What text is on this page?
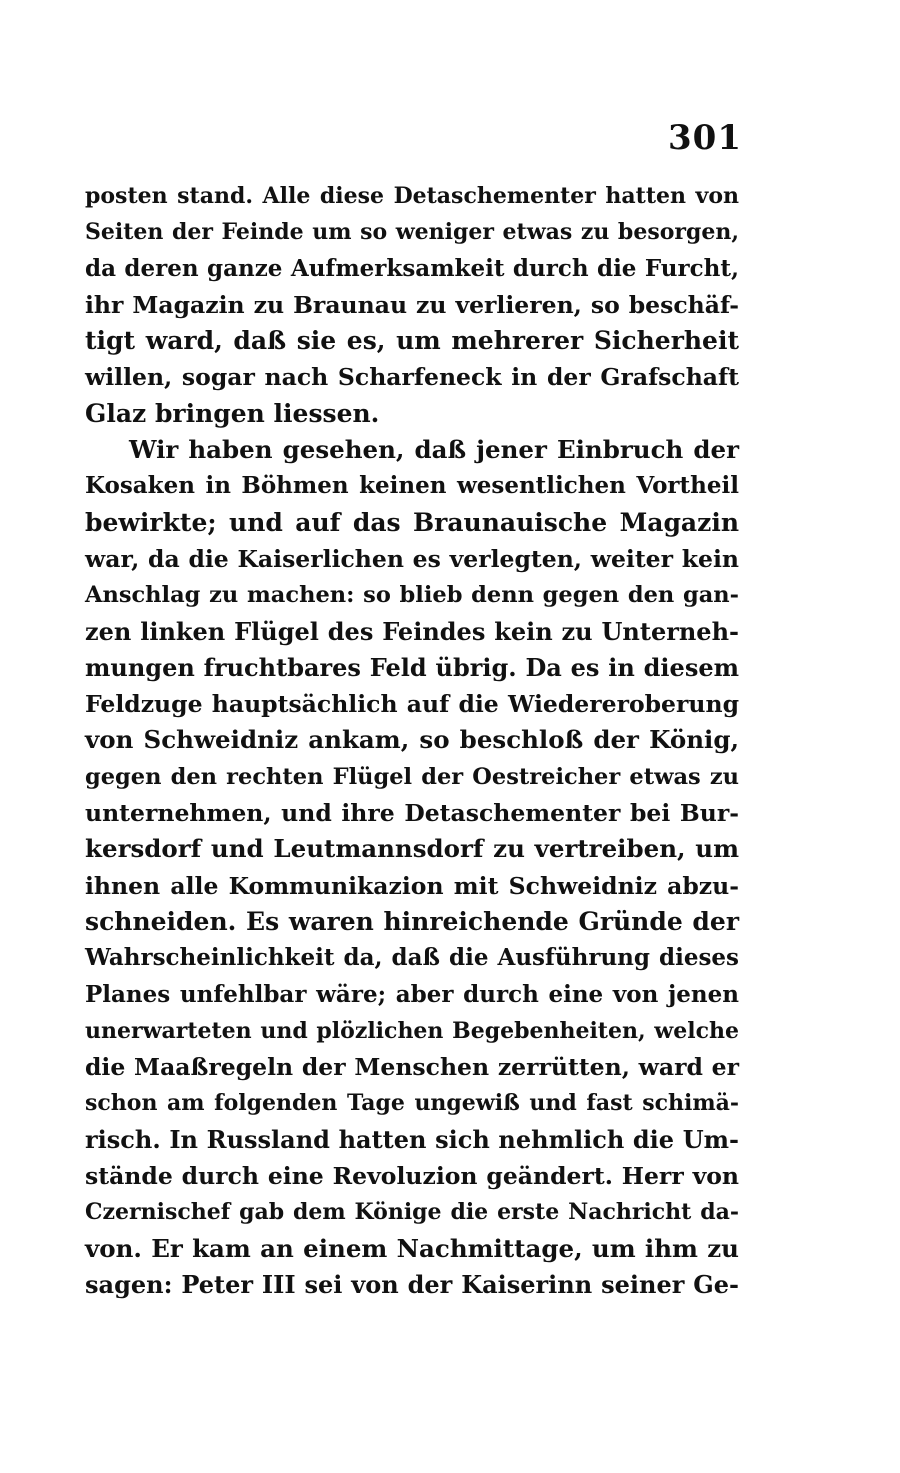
301
posten stand. Alle diese Detaschementer hatten von
Seiten der Feinde um so weniger etwas zu besorgen,
da deren ganze Aufmerksamkeit durch die Furcht,
ihr Magazin zu Braunau zu verlieren, so beschäf-
tigt ward, daß sie es, um mehrerer Sicherheit
willen, sogar nach Scharfeneck in der Grafschaft
Glaz bringen liessen.
Wir haben gesehen, daß jener Einbruch der
Kosaken in Böhmen keinen wesentlichen Vortheil
bewirkte; und auf das Braunauische Magazin
war, da die Kaiserlichen es verlegten, weiter kein
Anschlag zu machen: so blieb denn gegen den gan-
zen linken Flügel des Feindes kein zu Unterneh-
mungen fruchtbares Feld übrig. Da es in diesem
Feldzuge hauptsächlich auf die Wiedereroberung
von Schweidniz ankam, so beschloß der König,
gegen den rechten Flügel der Oestreicher etwas zu
unternehmen, und ihre Detaschementer bei Bur-
kersdorf und Leutmannsdorf zu vertreiben, um
ihnen alle Kommunikazion mit Schweidniz abzu-
schneiden. Es waren hinreichende Gründe der
Wahrscheinlichkeit da, daß die Ausführung dieses
Planes unfehlbar wäre; aber durch eine von jenen
unerwarteten und plözlichen Begebenheiten, welche
die Maaßregeln der Menschen zerrütten, ward er
schon am folgenden Tage ungewiß und fast schimä-
risch. In Russland hatten sich nehmlich die Um-
stände durch eine Revoluzion geändert. Herr von
Czernischef gab dem Könige die erste Nachricht da-
von. Er kam an einem Nachmittage, um ihm zu
sagen: Peter III sei von der Kaiserinn seiner Ge-
